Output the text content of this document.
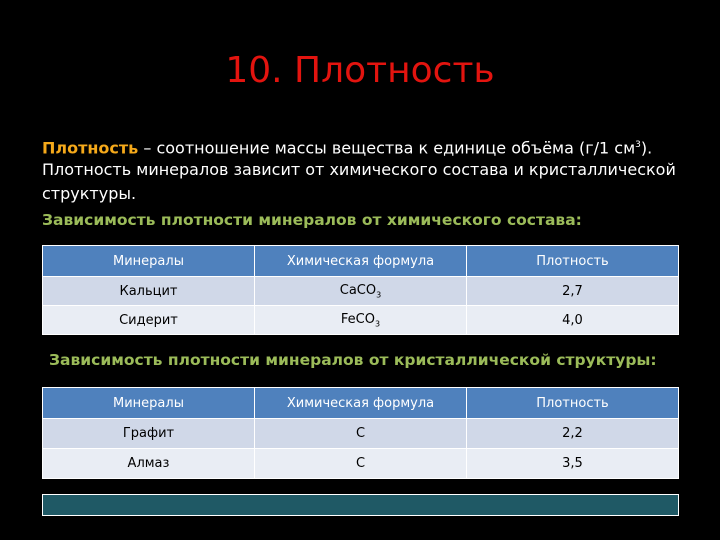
10. Плотность
Плотность – соотношение массы вещества к единице объёма (г/1 $см^3$).
Плотность минералов зависит от химического состава и кристаллической структуры.
Зависимость плотности минералов от химического состава:
Минералы	Химическая формула	Плотность
Кальцит	CaCO$_3$	2,7
Сидерит	FeCO$_3$	4,0
Зависимость плотности минералов от кристаллической структуры:
Минералы	Химическая формула	Плотность
Графит	C	2,2
Алмаз	C	3,5
